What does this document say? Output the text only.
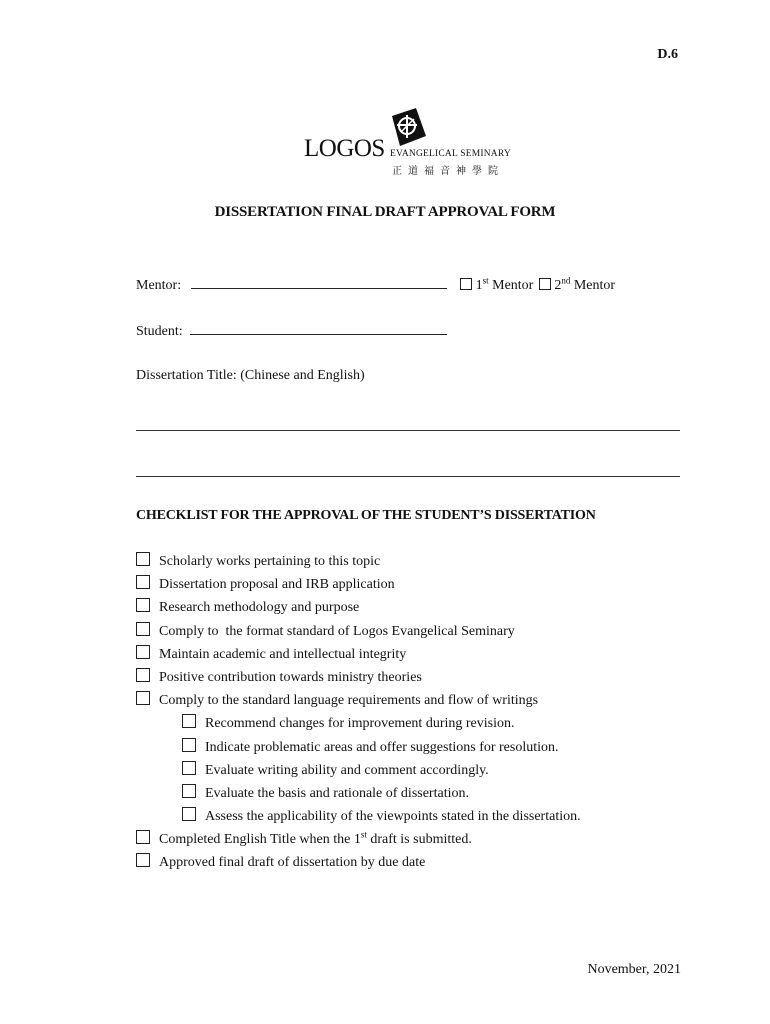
D.6
LOGOS EVANGELICAL SEMINARY
正道福音神學院
DISSERTATION FINAL DRAFT APPROVAL FORM
Mentor:	1st Mentor 2nd Mentor
Student:
Dissertation Title: (Chinese and English)
CHECKLIST FOR THE APPROVAL OF THE STUDENT’S DISSERTATION
Scholarly works pertaining to this topic
Dissertation proposal and IRB application
Research methodology and purpose
Comply to  the format standard of Logos Evangelical Seminary
Maintain academic and intellectual integrity
Positive contribution towards ministry theories
Comply to the standard language requirements and flow of writings
Recommend changes for improvement during revision.
Indicate problematic areas and offer suggestions for resolution.
Evaluate writing ability and comment accordingly.
Evaluate the basis and rationale of dissertation.
Assess the applicability of the viewpoints stated in the dissertation.
Completed English Title when the 1st draft is submitted.
Approved final draft of dissertation by due date
November, 2021
